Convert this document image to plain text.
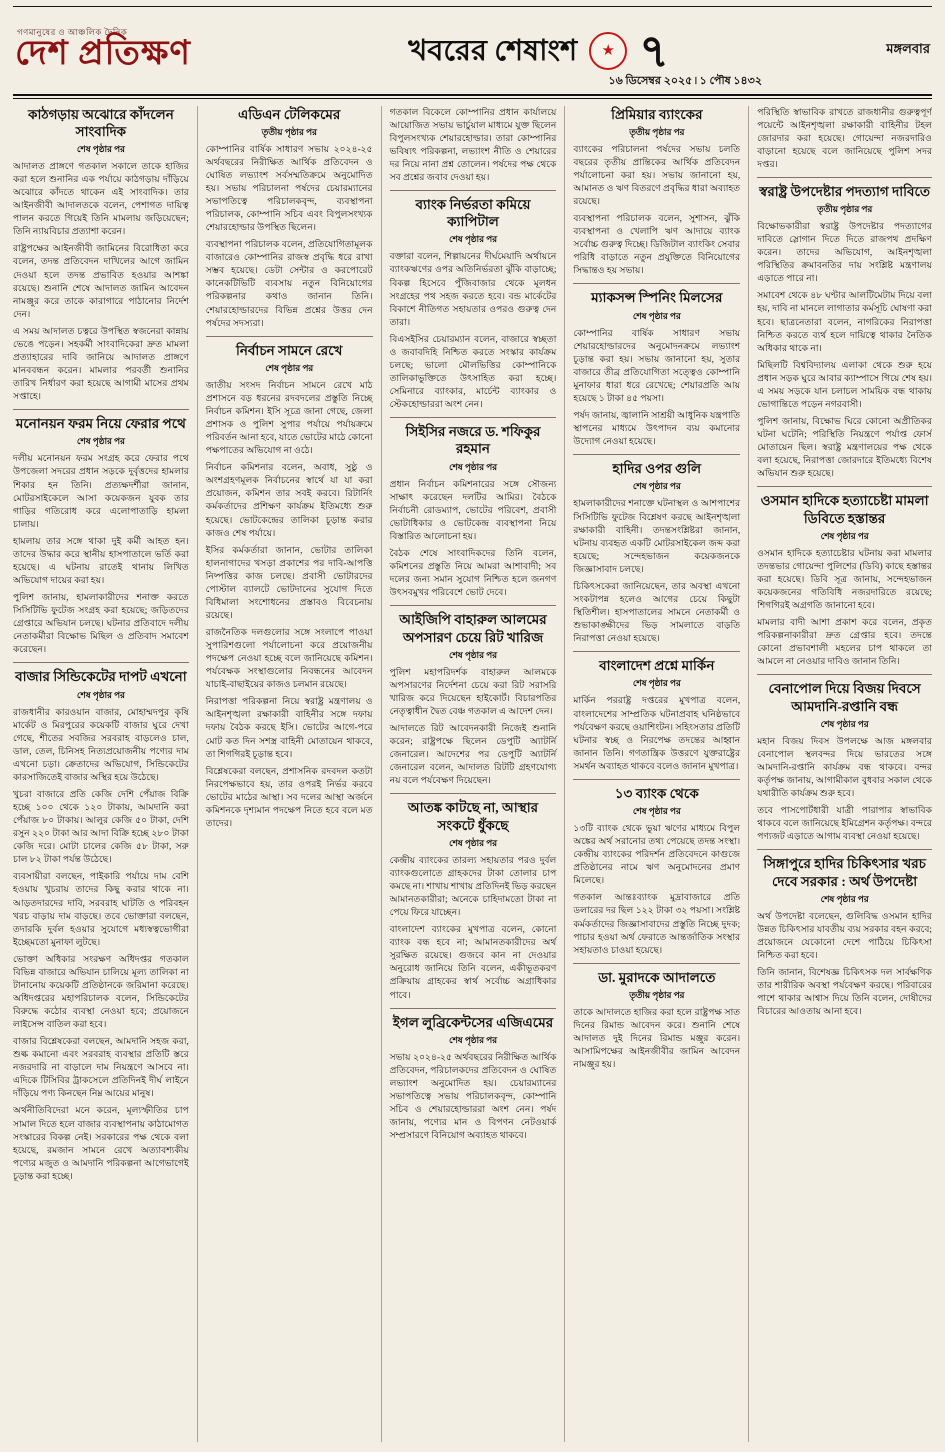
গণমানুষের ও আঞ্চলিক দৈনিক
দেশ প্রতিক্ষণ	খবরের শেষাংশ ★ ৭	মঙ্গলবার
১৬ ডিসেম্বর ২০২৫ ৷ ১ পৌষ ১৪৩২
কাঠগড়ায় অঝোরে কাঁদলেন সাংবাদিক
শেষ পৃষ্ঠার পর

আদালত প্রাঙ্গণে গতকাল সকালে তাকে হাজির করা হলে শুনানির এক পর্যায়ে কাঠগড়ায় দাঁড়িয়ে অঝোরে কাঁদতে থাকেন এই সাংবাদিক। তার আইনজীবী আদালতকে বলেন, পেশাগত দায়িত্ব পালন করতে গিয়েই তিনি মামলায় জড়িয়েছেন; তিনি ন্যায়বিচার প্রত্যাশা করেন।

রাষ্ট্রপক্ষের আইনজীবী জামিনের বিরোধিতা করে বলেন, তদন্ত প্রতিবেদন দাখিলের আগে জামিন দেওয়া হলে তদন্ত প্রভাবিত হওয়ার আশঙ্কা রয়েছে। শুনানি শেষে আদালত জামিন আবেদন নামঞ্জুর করে তাকে কারাগারে পাঠানোর নির্দেশ দেন।

এ সময় আদালত চত্বরে উপস্থিত স্বজনেরা কান্নায় ভেঙে পড়েন। সহকর্মী সাংবাদিকেরা দ্রুত মামলা প্রত্যাহারের দাবি জানিয়ে আদালত প্রাঙ্গণে মানববন্ধন করেন। মামলার পরবর্তী শুনানির তারিখ নির্ধারণ করা হয়েছে আগামী মাসের প্রথম সপ্তাহে।

মনোনয়ন ফরম নিয়ে ফেরার পথে
শেষ পৃষ্ঠার পর

দলীয় মনোনয়ন ফরম সংগ্রহ করে ফেরার পথে উপজেলা সদরের প্রধান সড়কে দুর্বৃত্তদের হামলার শিকার হন তিনি। প্রত্যক্ষদর্শীরা জানান, মোটরসাইকেলে আসা কয়েকজন যুবক তার গাড়ির গতিরোধ করে এলোপাতাড়ি হামলা চালায়।

হামলায় তার সঙ্গে থাকা দুই কর্মী আহত হন। তাদের উদ্ধার করে স্থানীয় হাসপাতালে ভর্তি করা হয়েছে। এ ঘটনায় রাতেই থানায় লিখিত অভিযোগ দায়ের করা হয়।

পুলিশ জানায়, হামলাকারীদের শনাক্ত করতে সিসিটিভি ফুটেজ সংগ্রহ করা হয়েছে; জড়িতদের গ্রেপ্তারে অভিযান চলছে। ঘটনার প্রতিবাদে দলীয় নেতাকর্মীরা বিক্ষোভ মিছিল ও প্রতিবাদ সমাবেশ করেছেন।

বাজার সিন্ডিকেটের দাপট এখনো
শেষ পৃষ্ঠার পর

রাজধানীর কারওয়ান বাজার, মোহাম্মদপুর কৃষি মার্কেট ও মিরপুরের কয়েকটি বাজার ঘুরে দেখা গেছে, শীতের সবজির সরবরাহ বাড়লেও চাল, ডাল, তেল, চিনিসহ নিত্যপ্রয়োজনীয় পণ্যের দাম এখনো চড়া। ক্রেতাদের অভিযোগ, সিন্ডিকেটের কারসাজিতেই বাজার অস্থির হয়ে উঠেছে।

খুচরা বাজারে প্রতি কেজি দেশি পেঁয়াজ বিক্রি হচ্ছে ১০০ থেকে ১২০ টাকায়, আমদানি করা পেঁয়াজ ৮০ টাকায়। আলুর কেজি ৫০ টাকা, দেশি রসুন ২২০ টাকা আর আদা বিক্রি হচ্ছে ২৮০ টাকা কেজি দরে। মোটা চালের কেজি ৫৮ টাকা, সরু চাল ৮২ টাকা পর্যন্ত উঠেছে।

ব্যবসায়ীরা বলছেন, পাইকারি পর্যায়ে দাম বেশি হওয়ায় খুচরায় তাদের কিছু করার থাকে না। আড়তদারদের দাবি, সরবরাহ ঘাটতি ও পরিবহন খরচ বাড়ায় দাম বাড়ছে। তবে ভোক্তারা বলছেন, তদারকি দুর্বল হওয়ার সুযোগে মধ্যস্বত্বভোগীরা ইচ্ছেমতো মুনাফা লুটছে।

ভোক্তা অধিকার সংরক্ষণ অধিদপ্তর গতকাল বিভিন্ন বাজারে অভিযান চালিয়ে মূল্য তালিকা না টানানোয় কয়েকটি প্রতিষ্ঠানকে জরিমানা করেছে। অধিদপ্তরের মহাপরিচালক বলেন, সিন্ডিকেটের বিরুদ্ধে কঠোর ব্যবস্থা নেওয়া হবে; প্রয়োজনে লাইসেন্স বাতিল করা হবে।

বাজার বিশ্লেষকেরা বলছেন, আমদানি সহজ করা, শুল্ক কমানো এবং সরবরাহ ব্যবস্থার প্রতিটি স্তরে নজরদারি না বাড়ালে দাম নিয়ন্ত্রণে আসবে না। এদিকে টিসিবির ট্রাকসেলে প্রতিদিনই দীর্ঘ লাইনে দাঁড়িয়ে পণ্য কিনছেন নিম্ন আয়ের মানুষ।

অর্থনীতিবিদেরা মনে করেন, মূল্যস্ফীতির চাপ সামাল দিতে হলে বাজার ব্যবস্থাপনায় কাঠামোগত সংস্কারের বিকল্প নেই। সরকারের পক্ষ থেকে বলা হয়েছে, রমজান সামনে রেখে অত্যাবশ্যকীয় পণ্যের মজুত ও আমদানি পরিকল্পনা আগেভাগেই চূড়ান্ত করা হচ্ছে।

এডিএন টেলিকমের
তৃতীয় পৃষ্ঠার পর

কোম্পানির বার্ষিক সাধারণ সভায় ২০২৪-২৫ অর্থবছরের নিরীক্ষিত আর্থিক প্রতিবেদন ও ঘোষিত লভ্যাংশ সর্বসম্মতিক্রমে অনুমোদিত হয়। সভায় পরিচালনা পর্ষদের চেয়ারম্যানের সভাপতিত্বে পরিচালকবৃন্দ, ব্যবস্থাপনা পরিচালক, কোম্পানি সচিব এবং বিপুলসংখ্যক শেয়ারহোল্ডার উপস্থিত ছিলেন।

ব্যবস্থাপনা পরিচালক বলেন, প্রতিযোগিতামূলক বাজারেও কোম্পানির রাজস্ব প্রবৃদ্ধি ধরে রাখা সম্ভব হয়েছে। ডেটা সেন্টার ও করপোরেট কানেকটিভিটি ব্যবসায় নতুন বিনিয়োগের পরিকল্পনার কথাও জানান তিনি। শেয়ারহোল্ডারদের বিভিন্ন প্রশ্নের উত্তর দেন পর্ষদের সদস্যরা।

নির্বাচন সামনে রেখে
শেষ পৃষ্ঠার পর

জাতীয় সংসদ নির্বাচন সামনে রেখে মাঠ প্রশাসনে বড় ধরনের রদবদলের প্রস্তুতি নিচ্ছে নির্বাচন কমিশন। ইসি সূত্রে জানা গেছে, জেলা প্রশাসক ও পুলিশ সুপার পর্যায়ে পর্যায়ক্রমে পরিবর্তন আনা হবে, যাতে ভোটের মাঠে কোনো পক্ষপাতের অভিযোগ না ওঠে।

নির্বাচন কমিশনার বলেন, অবাধ, সুষ্ঠু ও অংশগ্রহণমূলক নির্বাচনের স্বার্থে যা যা করা প্রয়োজন, কমিশন তার সবই করবে। রিটার্নিং কর্মকর্তাদের প্রশিক্ষণ কার্যক্রম ইতিমধ্যে শুরু হয়েছে। ভোটকেন্দ্রের তালিকা চূড়ান্ত করার কাজও শেষ পর্যায়ে।

ইসির কর্মকর্তারা জানান, ভোটার তালিকা হালনাগাদের খসড়া প্রকাশের পর দাবি-আপত্তি নিষ্পত্তির কাজ চলছে। প্রবাসী ভোটারদের পোস্টাল ব্যালটে ভোটদানের সুযোগ দিতে বিধিমালা সংশোধনের প্রস্তাবও বিবেচনায় রয়েছে।

রাজনৈতিক দলগুলোর সঙ্গে সংলাপে পাওয়া সুপারিশগুলো পর্যালোচনা করে প্রয়োজনীয় পদক্ষেপ নেওয়া হচ্ছে বলে জানিয়েছে কমিশন। পর্যবেক্ষক সংস্থাগুলোর নিবন্ধনের আবেদন যাচাই-বাছাইয়ের কাজও চলমান রয়েছে।

নিরাপত্তা পরিকল্পনা নিয়ে স্বরাষ্ট্র মন্ত্রণালয় ও আইনশৃঙ্খলা রক্ষাকারী বাহিনীর সঙ্গে দফায় দফায় বৈঠক করছে ইসি। ভোটের আগে-পরে মোট কত দিন সশস্ত্র বাহিনী মোতায়েন থাকবে, তা শিগগিরই চূড়ান্ত হবে।

বিশ্লেষকেরা বলছেন, প্রশাসনিক রদবদল কতটা নিরপেক্ষভাবে হয়, তার ওপরই নির্ভর করবে ভোটের মাঠের আস্থা। সব দলের আস্থা অর্জনে কমিশনকে দৃশ্যমান পদক্ষেপ নিতে হবে বলে মত তাদের।

গতকাল বিকেলে কোম্পানির প্রধান কার্যালয়ে আয়োজিত সভায় ভার্চুয়াল মাধ্যমে যুক্ত ছিলেন বিপুলসংখ্যক শেয়ারহোল্ডার। তারা কোম্পানির ভবিষ্যৎ পরিকল্পনা, লভ্যাংশ নীতি ও শেয়ারের দর নিয়ে নানা প্রশ্ন তোলেন। পর্ষদের পক্ষ থেকে সব প্রশ্নের জবাব দেওয়া হয়।

ব্যাংক নির্ভরতা কমিয়ে ক্যাপিটাল
শেষ পৃষ্ঠার পর

বক্তারা বলেন, শিল্পায়নের দীর্ঘমেয়াদি অর্থায়নে ব্যাংকঋণের ওপর অতিনির্ভরতা ঝুঁকি বাড়াচ্ছে; বিকল্প হিসেবে পুঁজিবাজার থেকে মূলধন সংগ্রহের পথ সহজ করতে হবে। বন্ড মার্কেটের বিকাশে নীতিগত সহায়তার ওপরও গুরুত্ব দেন তারা।

বিএসইসির চেয়ারম্যান বলেন, বাজারে স্বচ্ছতা ও জবাবদিহি নিশ্চিত করতে সংস্কার কার্যক্রম চলছে; ভালো মৌলভিত্তির কোম্পানিকে তালিকাভুক্তিতে উৎসাহিত করা হচ্ছে। সেমিনারে ব্যাংকার, মার্চেন্ট ব্যাংকার ও স্টেকহোল্ডাররা অংশ নেন।

সিইসির নজরে ড. শফিকুর রহমান
শেষ পৃষ্ঠার পর

প্রধান নির্বাচন কমিশনারের সঙ্গে সৌজন্য সাক্ষাৎ করেছেন দলটির আমির। বৈঠকে নির্বাচনী রোডম্যাপ, ভোটের পরিবেশ, প্রবাসী ভোটাধিকার ও ভোটকেন্দ্র ব্যবস্থাপনা নিয়ে বিস্তারিত আলোচনা হয়।

বৈঠক শেষে সাংবাদিকদের তিনি বলেন, কমিশনের প্রস্তুতি নিয়ে আমরা আশাবাদী; সব দলের জন্য সমান সুযোগ নিশ্চিত হলে জনগণ উৎসবমুখর পরিবেশে ভোট দেবে।

আইজিপি বাহারুল আলমের অপসারণ চেয়ে রিট খারিজ
শেষ পৃষ্ঠার পর

পুলিশ মহাপরিদর্শক বাহারুল আলমকে অপসারণের নির্দেশনা চেয়ে করা রিট সরাসরি খারিজ করে দিয়েছেন হাইকোর্ট। বিচারপতির নেতৃত্বাধীন দ্বৈত বেঞ্চ গতকাল এ আদেশ দেন।

আদালতে রিট আবেদনকারী নিজেই শুনানি করেন; রাষ্ট্রপক্ষে ছিলেন ডেপুটি অ্যাটর্নি জেনারেল। আদেশের পর ডেপুটি অ্যাটর্নি জেনারেল বলেন, আদালত রিটটি গ্রহণযোগ্য নয় বলে পর্যবেক্ষণ দিয়েছেন।

আতঙ্ক কাটছে না, আস্থার সংকটে ধুঁকছে
শেষ পৃষ্ঠার পর

কেন্দ্রীয় ব্যাংকের তারল্য সহায়তার পরও দুর্বল ব্যাংকগুলোতে গ্রাহকদের টাকা তোলার চাপ কমছে না। শাখায় শাখায় প্রতিদিনই ভিড় করছেন আমানতকারীরা; অনেকে চাহিদামতো টাকা না পেয়ে ফিরে যাচ্ছেন।

বাংলাদেশ ব্যাংকের মুখপাত্র বলেন, কোনো ব্যাংক বন্ধ হবে না; আমানতকারীদের অর্থ সুরক্ষিত রয়েছে। গুজবে কান না দেওয়ার অনুরোধ জানিয়ে তিনি বলেন, একীভূতকরণ প্রক্রিয়ায় গ্রাহকের স্বার্থ সর্বোচ্চ অগ্রাধিকার পাবে।

ইগল লুব্রিকেন্টসের এজিএমের
শেষ পৃষ্ঠার পর

সভায় ২০২৪-২৫ অর্থবছরের নিরীক্ষিত আর্থিক প্রতিবেদন, পরিচালকদের প্রতিবেদন ও ঘোষিত লভ্যাংশ অনুমোদিত হয়। চেয়ারম্যানের সভাপতিত্বে সভায় পরিচালকবৃন্দ, কোম্পানি সচিব ও শেয়ারহোল্ডাররা অংশ নেন। পর্ষদ জানায়, পণ্যের মান ও বিপণন নেটওয়ার্ক সম্প্রসারণে বিনিয়োগ অব্যাহত থাকবে।

প্রিমিয়ার ব্যাংকের
তৃতীয় পৃষ্ঠার পর

ব্যাংকের পরিচালনা পর্ষদের সভায় চলতি বছরের তৃতীয় প্রান্তিকের আর্থিক প্রতিবেদন পর্যালোচনা করা হয়। সভায় জানানো হয়, আমানত ও ঋণ বিতরণে প্রবৃদ্ধির ধারা অব্যাহত রয়েছে।

ব্যবস্থাপনা পরিচালক বলেন, সুশাসন, ঝুঁকি ব্যবস্থাপনা ও খেলাপি ঋণ আদায়ে ব্যাংক সর্বোচ্চ গুরুত্ব দিচ্ছে। ডিজিটাল ব্যাংকিং সেবার পরিধি বাড়াতে নতুন প্রযুক্তিতে বিনিয়োগের সিদ্ধান্তও হয় সভায়।

ম্যাকসন্স স্পিনিং মিলসের
শেষ পৃষ্ঠার পর

কোম্পানির বার্ষিক সাধারণ সভায় শেয়ারহোল্ডারদের অনুমোদনক্রমে লভ্যাংশ চূড়ান্ত করা হয়। সভায় জানানো হয়, সুতার বাজারে তীব্র প্রতিযোগিতা সত্ত্বেও কোম্পানি মুনাফার ধারা ধরে রেখেছে; শেয়ারপ্রতি আয় হয়েছে ১ টাকা ৪৫ পয়সা।

পর্ষদ জানায়, জ্বালানি সাশ্রয়ী আধুনিক যন্ত্রপাতি স্থাপনের মাধ্যমে উৎপাদন ব্যয় কমানোর উদ্যোগ নেওয়া হয়েছে।

হাদির ওপর গুলি
শেষ পৃষ্ঠার পর

হামলাকারীদের শনাক্তে ঘটনাস্থল ও আশপাশের সিসিটিভি ফুটেজ বিশ্লেষণ করছে আইনশৃঙ্খলা রক্ষাকারী বাহিনী। তদন্তসংশ্লিষ্টরা জানান, ঘটনায় ব্যবহৃত একটি মোটরসাইকেল জব্দ করা হয়েছে; সন্দেহভাজন কয়েকজনকে জিজ্ঞাসাবাদ চলছে।

চিকিৎসকেরা জানিয়েছেন, তার অবস্থা এখনো সংকটাপন্ন হলেও আগের চেয়ে কিছুটা স্থিতিশীল। হাসপাতালের সামনে নেতাকর্মী ও শুভাকাঙ্ক্ষীদের ভিড় সামলাতে বাড়তি নিরাপত্তা নেওয়া হয়েছে।

বাংলাদেশ প্রশ্নে মার্কিন
শেষ পৃষ্ঠার পর

মার্কিন পররাষ্ট্র দপ্তরের মুখপাত্র বলেন, বাংলাদেশের সাম্প্রতিক ঘটনাপ্রবাহ ঘনিষ্ঠভাবে পর্যবেক্ষণ করছে ওয়াশিংটন। সহিংসতার প্রতিটি ঘটনার স্বচ্ছ ও নিরপেক্ষ তদন্তের আহ্বান জানান তিনি। গণতান্ত্রিক উত্তরণে যুক্তরাষ্ট্রের সমর্থন অব্যাহত থাকবে বলেও জানান মুখপাত্র।

১৩ ব্যাংক থেকে
শেষ পৃষ্ঠার পর

১৩টি ব্যাংক থেকে ভুয়া ঋণের মাধ্যমে বিপুল অঙ্কের অর্থ সরানোর তথ্য পেয়েছে তদন্ত সংস্থা। কেন্দ্রীয় ব্যাংকের পরিদর্শন প্রতিবেদনে কাগুজে প্রতিষ্ঠানের নামে ঋণ অনুমোদনের প্রমাণ মিলেছে।

গতকাল আন্তঃব্যাংক মুদ্রাবাজারে প্রতি ডলারের দর ছিল ১২২ টাকা ৩২ পয়সা। সংশ্লিষ্ট কর্মকর্তাদের জিজ্ঞাসাবাদের প্রস্তুতি নিচ্ছে দুদক; পাচার হওয়া অর্থ ফেরাতে আন্তর্জাতিক সংস্থার সহায়তাও চাওয়া হয়েছে।

ডা. মুরাদকে আদালতে
তৃতীয় পৃষ্ঠার পর

তাকে আদালতে হাজির করা হলে রাষ্ট্রপক্ষ সাত দিনের রিমান্ড আবেদন করে। শুনানি শেষে আদালত দুই দিনের রিমান্ড মঞ্জুর করেন। আসামিপক্ষের আইনজীবীর জামিন আবেদন নামঞ্জুর হয়।

পরিস্থিতি স্বাভাবিক রাখতে রাজধানীর গুরুত্বপূর্ণ পয়েন্টে আইনশৃঙ্খলা রক্ষাকারী বাহিনীর টহল জোরদার করা হয়েছে। গোয়েন্দা নজরদারিও বাড়ানো হয়েছে বলে জানিয়েছে পুলিশ সদর দপ্তর।

স্বরাষ্ট্র উপদেষ্টার পদত্যাগ দাবিতে
তৃতীয় পৃষ্ঠার পর

বিক্ষোভকারীরা স্বরাষ্ট্র উপদেষ্টার পদত্যাগের দাবিতে স্লোগান দিতে দিতে রাজপথ প্রদক্ষিণ করেন। তাদের অভিযোগ, আইনশৃঙ্খলা পরিস্থিতির ক্রমাবনতির দায় সংশ্লিষ্ট মন্ত্রণালয় এড়াতে পারে না।

সমাবেশ থেকে ৪৮ ঘণ্টার আলটিমেটাম দিয়ে বলা হয়, দাবি না মানলে লাগাতার কর্মসূচি ঘোষণা করা হবে। ছাত্রনেতারা বলেন, নাগরিকের নিরাপত্তা নিশ্চিত করতে ব্যর্থ হলে দায়িত্বে থাকার নৈতিক অধিকার থাকে না।

মিছিলটি বিশ্ববিদ্যালয় এলাকা থেকে শুরু হয়ে প্রধান সড়ক ঘুরে আবার ক্যাম্পাসে গিয়ে শেষ হয়। এ সময় সড়কে যান চলাচল সাময়িক বন্ধ থাকায় ভোগান্তিতে পড়েন নগরবাসী।

পুলিশ জানায়, বিক্ষোভ ঘিরে কোনো অপ্রীতিকর ঘটনা ঘটেনি; পরিস্থিতি নিয়ন্ত্রণে পর্যাপ্ত ফোর্স মোতায়েন ছিল। স্বরাষ্ট্র মন্ত্রণালয়ের পক্ষ থেকে বলা হয়েছে, নিরাপত্তা জোরদারে ইতিমধ্যে বিশেষ অভিযান শুরু হয়েছে।

ওসমান হাদিকে হত্যাচেষ্টা মামলা ডিবিতে হস্তান্তর
শেষ পৃষ্ঠার পর

ওসমান হাদিকে হত্যাচেষ্টার ঘটনায় করা মামলার তদন্তভার গোয়েন্দা পুলিশের (ডিবি) কাছে হস্তান্তর করা হয়েছে। ডিবি সূত্র জানায়, সন্দেহভাজন কয়েকজনের গতিবিধি নজরদারিতে রয়েছে; শিগগিরই অগ্রগতি জানানো হবে।

মামলার বাদী আশা প্রকাশ করে বলেন, প্রকৃত পরিকল্পনাকারীরা দ্রুত গ্রেপ্তার হবে। তদন্তে কোনো প্রভাবশালী মহলের চাপ থাকলে তা আমলে না নেওয়ার দাবিও জানান তিনি।

বেনাপোল দিয়ে বিজয় দিবসে আমদানি-রপ্তানি বন্ধ
শেষ পৃষ্ঠার পর

মহান বিজয় দিবস উপলক্ষে আজ মঙ্গলবার বেনাপোল স্থলবন্দর দিয়ে ভারতের সঙ্গে আমদানি-রপ্তানি কার্যক্রম বন্ধ থাকবে। বন্দর কর্তৃপক্ষ জানায়, আগামীকাল বুধবার সকাল থেকে যথারীতি কার্যক্রম শুরু হবে।

তবে পাসপোর্টধারী যাত্রী পারাপার স্বাভাবিক থাকবে বলে জানিয়েছে ইমিগ্রেশন কর্তৃপক্ষ। বন্দরে পণ্যজট এড়াতে আগাম ব্যবস্থা নেওয়া হয়েছে।

সিঙ্গাপুরে হাদির চিকিৎসার খরচ দেবে সরকার : অর্থ উপদেষ্টা
শেষ পৃষ্ঠার পর

অর্থ উপদেষ্টা বলেছেন, গুলিবিদ্ধ ওসমান হাদির উন্নত চিকিৎসার যাবতীয় ব্যয় সরকার বহন করবে; প্রয়োজনে যেকোনো দেশে পাঠিয়ে চিকিৎসা নিশ্চিত করা হবে।

তিনি জানান, বিশেষজ্ঞ চিকিৎসক দল সার্বক্ষণিক তার শারীরিক অবস্থা পর্যবেক্ষণ করছে। পরিবারের পাশে থাকার আশ্বাস দিয়ে তিনি বলেন, দোষীদের বিচারের আওতায় আনা হবে।
